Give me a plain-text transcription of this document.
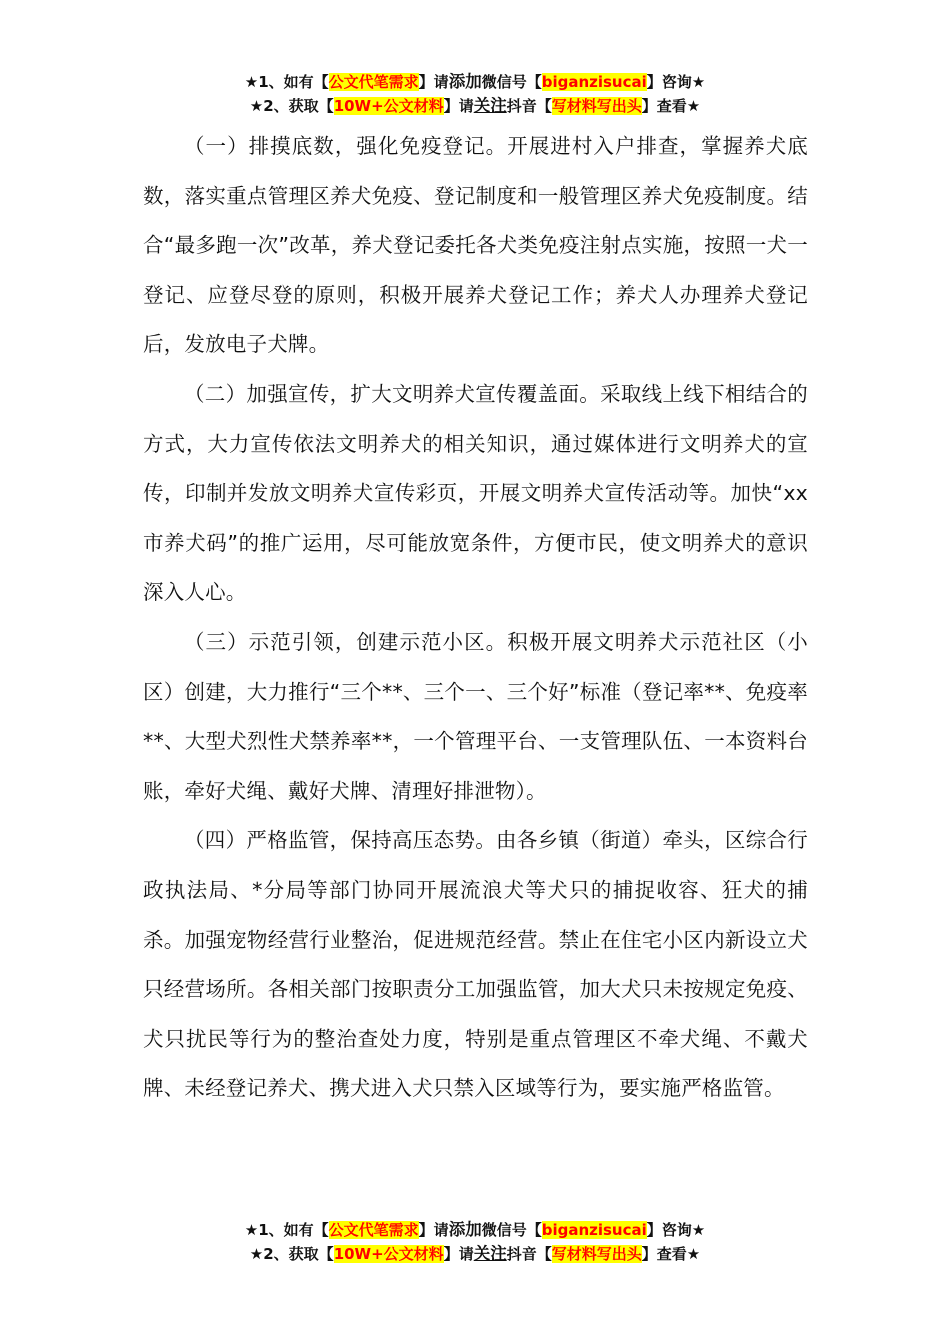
★1、如有【公文代笔需求】请添加微信号【biganzisucai】咨询★
★2、获取【10W+公文材料】请关注抖音【写材料写出头】查看★

（一）排摸底数，强化免疫登记。开展进村入户排查，掌握养犬底数，落实重点管理区养犬免疫、登记制度和一般管理区养犬免疫制度。结合“最多跑一次”改革，养犬登记委托各犬类免疫注射点实施，按照一犬一登记、应登尽登的原则，积极开展养犬登记工作；养犬人办理养犬登记后，发放电子犬牌。

（二）加强宣传，扩大文明养犬宣传覆盖面。采取线上线下相结合的方式，大力宣传依法文明养犬的相关知识，通过媒体进行文明养犬的宣传，印制并发放文明养犬宣传彩页，开展文明养犬宣传活动等。加快“xx市养犬码”的推广运用，尽可能放宽条件，方便市民，使文明养犬的意识深入人心。

（三）示范引领，创建示范小区。积极开展文明养犬示范社区（小区）创建，大力推行“三个**、三个一、三个好”标准（登记率**、免疫率**、大型犬烈性犬禁养率**，一个管理平台、一支管理队伍、一本资料台账，牵好犬绳、戴好犬牌、清理好排泄物）。

（四）严格监管，保持高压态势。由各乡镇（街道）牵头，区综合行政执法局、*分局等部门协同开展流浪犬等犬只的捕捉收容、狂犬的捕杀。加强宠物经营行业整治，促进规范经营。禁止在住宅小区内新设立犬只经营场所。各相关部门按职责分工加强监管，加大犬只未按规定免疫、犬只扰民等行为的整治查处力度，特别是重点管理区不牵犬绳、不戴犬牌、未经登记养犬、携犬进入犬只禁入区域等行为，要实施严格监管。

★1、如有【公文代笔需求】请添加微信号【biganzisucai】咨询★
★2、获取【10W+公文材料】请关注抖音【写材料写出头】查看★
